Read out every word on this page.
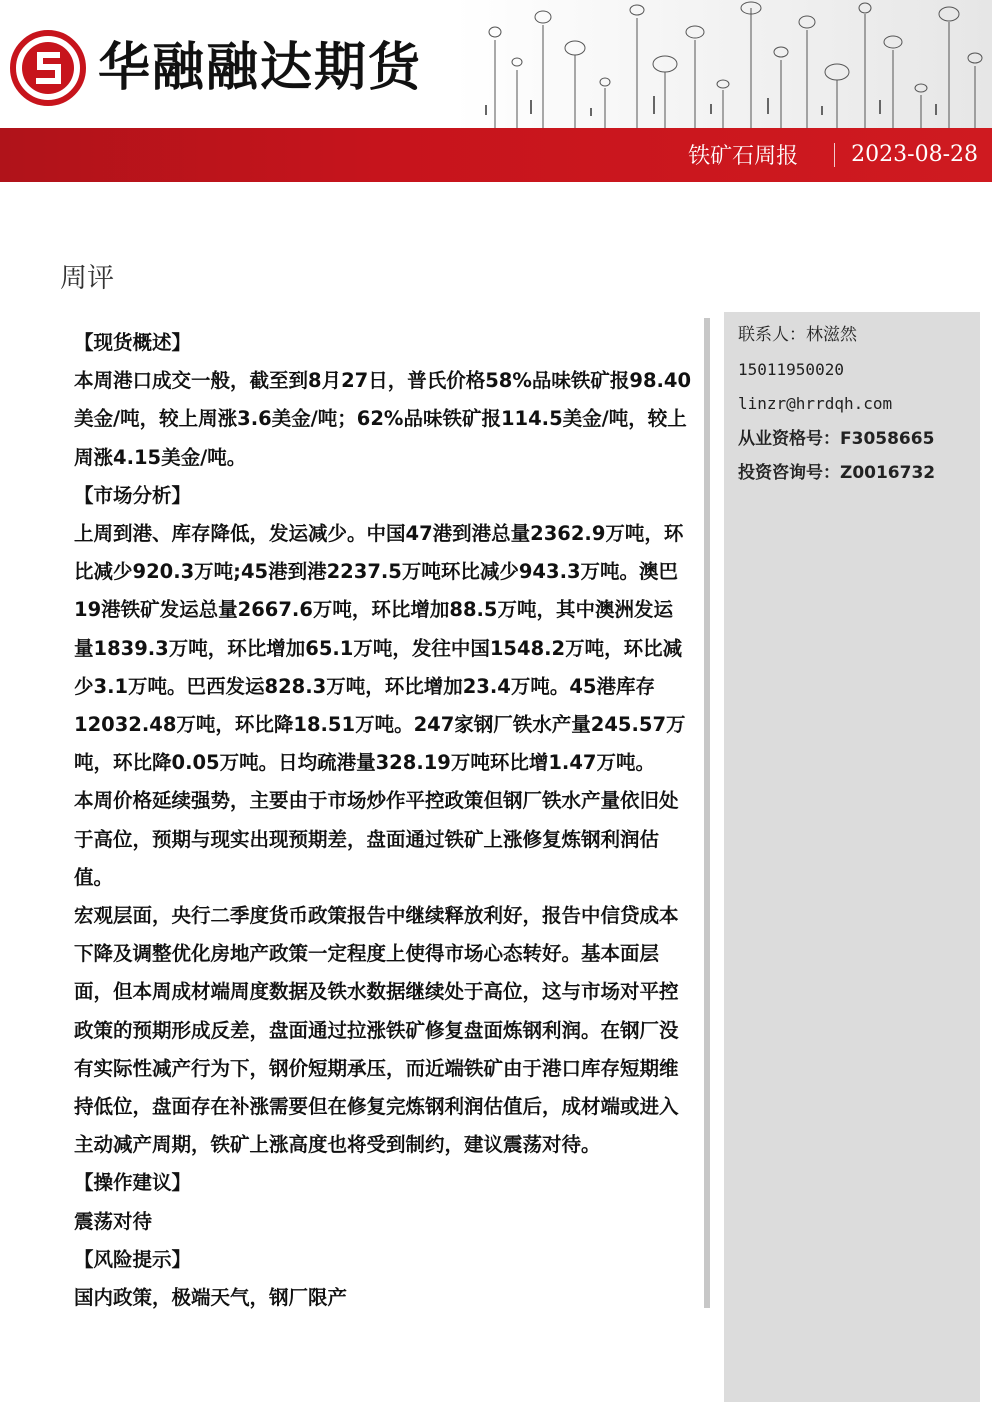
华融融达期货
铁矿石周报 2023-08-28
周评

【现货概述】

本周港口成交一般，截至到8月27日，普氏价格58%品味铁矿报98.40美金/吨，较上周涨3.6美金/吨；62%品味铁矿报114.5美金/吨，较上周涨4.15美金/吨。

【市场分析】

上周到港、库存降低，发运减少。中国47港到港总量2362.9万吨，环比减少920.3万吨;45港到港2237.5万吨环比减少943.3万吨。澳巴19港铁矿发运总量2667.6万吨，环比增加88.5万吨，其中澳洲发运量1839.3万吨，环比增加65.1万吨，发往中国1548.2万吨，环比减少3.1万吨。巴西发运828.3万吨，环比增加23.4万吨。45港库存12032.48万吨，环比降18.51万吨。247家钢厂铁水产量245.57万吨，环比降0.05万吨。日均疏港量328.19万吨环比增1.47万吨。

本周价格延续强势，主要由于市场炒作平控政策但钢厂铁水产量依旧处于高位，预期与现实出现预期差，盘面通过铁矿上涨修复炼钢利润估值。

宏观层面，央行二季度货币政策报告中继续释放利好，报告中信贷成本下降及调整优化房地产政策一定程度上使得市场心态转好。基本面层面，但本周成材端周度数据及铁水数据继续处于高位，这与市场对平控政策的预期形成反差，盘面通过拉涨铁矿修复盘面炼钢利润。在钢厂没有实际性减产行为下，钢价短期承压，而近端铁矿由于港口库存短期维持低位，盘面存在补涨需要但在修复完炼钢利润估值后，成材端或进入主动减产周期，铁矿上涨高度也将受到制约，建议震荡对待。

【操作建议】

震荡对待

【风险提示】

国内政策，极端天气，钢厂限产

联系人：林滋然
15011950020
linzr@hrrdqh.com
从业资格号：F3058665
投资咨询号：Z0016732
